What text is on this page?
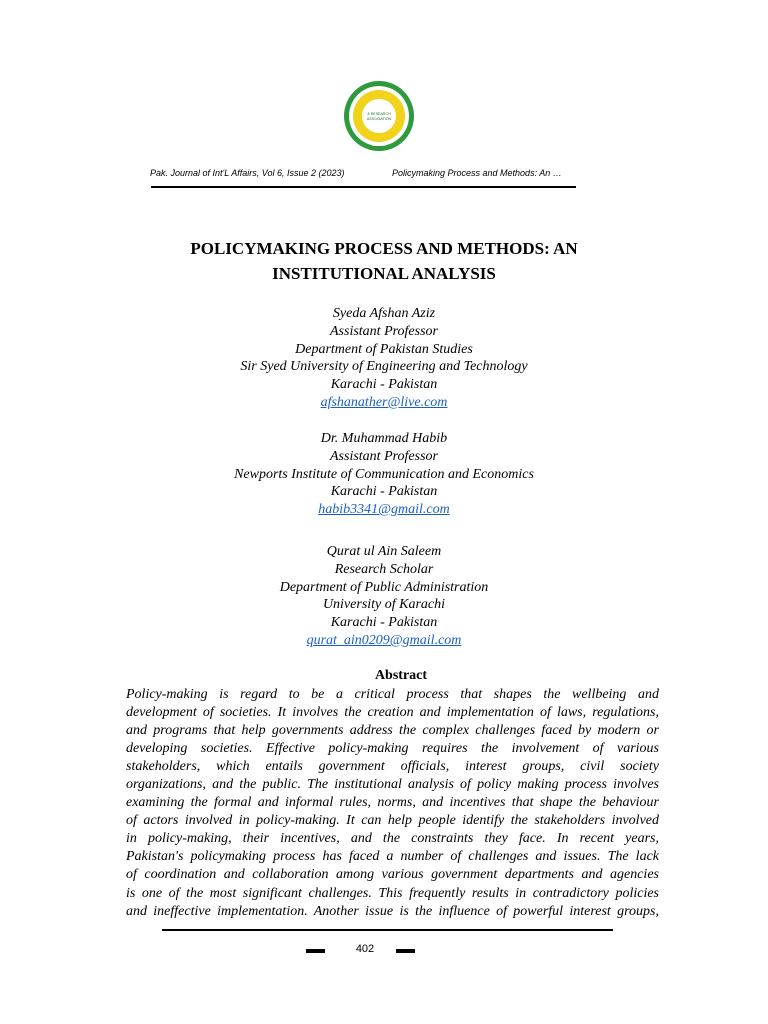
& RESEARCH
ASSOCIATION
SSSRA
Pak. Journal of Int'L Affairs, Vol 6, Issue 2 (2023)	Policymaking Process and Methods: An …
POLICYMAKING PROCESS AND METHODS: AN
INSTITUTIONAL ANALYSIS
Syeda Afshan Aziz
Assistant Professor
Department of Pakistan Studies
Sir Syed University of Engineering and Technology
Karachi - Pakistan
afshanather@live.com
Dr. Muhammad Habib
Assistant Professor
Newports Institute of Communication and Economics
Karachi - Pakistan
habib3341@gmail.com
Qurat ul Ain Saleem
Research Scholar
Department of Public Administration
University of Karachi
Karachi - Pakistan
qurat_ain0209@gmail.com
Abstract
Policy-making is regard to be a critical process that shapes the wellbeing and
development of societies. It involves the creation and implementation of laws, regulations,
and programs that help governments address the complex challenges faced by modern or
developing societies. Effective policy-making requires the involvement of various
stakeholders, which entails government officials, interest groups, civil society
organizations, and the public. The institutional analysis of policy making process involves
examining the formal and informal rules, norms, and incentives that shape the behaviour
of actors involved in policy-making. It can help people identify the stakeholders involved
in policy-making, their incentives, and the constraints they face. In recent years,
Pakistan's policymaking process has faced a number of challenges and issues. The lack
of coordination and collaboration among various government departments and agencies
is one of the most significant challenges. This frequently results in contradictory policies
and ineffective implementation. Another issue is the influence of powerful interest groups,
402
